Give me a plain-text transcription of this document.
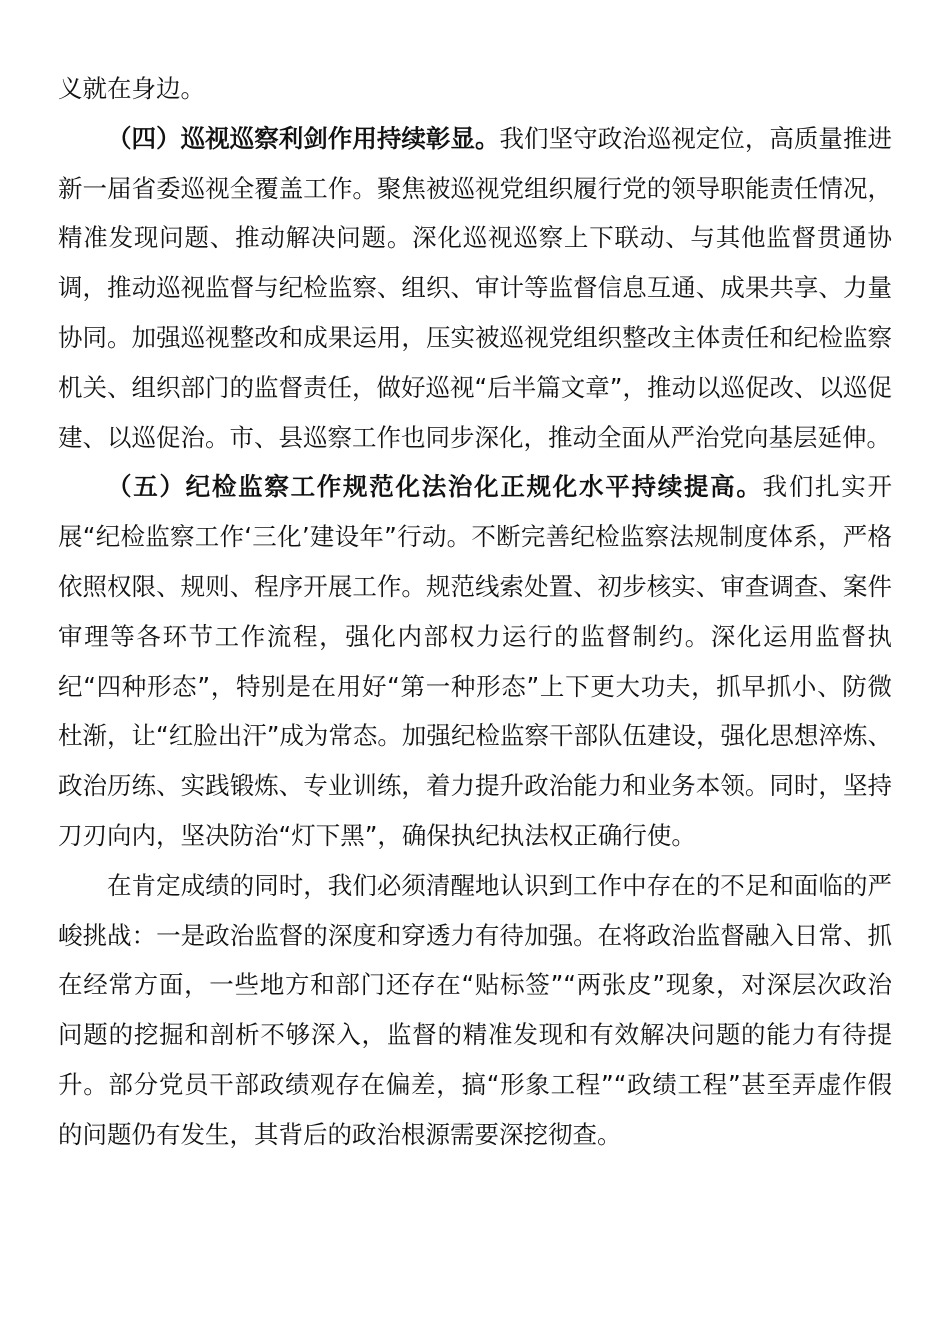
义就在身边。

（四）巡视巡察利剑作用持续彰显。我们坚守政治巡视定位，高质量推进新一届省委巡视全覆盖工作。聚焦被巡视党组织履行党的领导职能责任情况，精准发现问题、推动解决问题。深化巡视巡察上下联动、与其他监督贯通协调，推动巡视监督与纪检监察、组织、审计等监督信息互通、成果共享、力量协同。加强巡视整改和成果运用，压实被巡视党组织整改主体责任和纪检监察机关、组织部门的监督责任，做好巡视“后半篇文章”，推动以巡促改、以巡促建、以巡促治。市、县巡察工作也同步深化，推动全面从严治党向基层延伸。

（五）纪检监察工作规范化法治化正规化水平持续提高。我们扎实开展“纪检监察工作‘三化’建设年”行动。不断完善纪检监察法规制度体系，严格依照权限、规则、程序开展工作。规范线索处置、初步核实、审查调查、案件审理等各环节工作流程，强化内部权力运行的监督制约。深化运用监督执纪“四种形态”，特别是在用好“第一种形态”上下更大功夫，抓早抓小、防微杜渐，让“红脸出汗”成为常态。加强纪检监察干部队伍建设，强化思想淬炼、政治历练、实践锻炼、专业训练，着力提升政治能力和业务本领。同时，坚持刀刃向内，坚决防治“灯下黑”，确保执纪执法权正确行使。

在肯定成绩的同时，我们必须清醒地认识到工作中存在的不足和面临的严峻挑战：一是政治监督的深度和穿透力有待加强。在将政治监督融入日常、抓在经常方面，一些地方和部门还存在“贴标签”“两张皮”现象，对深层次政治问题的挖掘和剖析不够深入，监督的精准发现和有效解决问题的能力有待提升。部分党员干部政绩观存在偏差，搞“形象工程”“政绩工程”甚至弄虚作假的问题仍有发生，其背后的政治根源需要深挖彻查。
